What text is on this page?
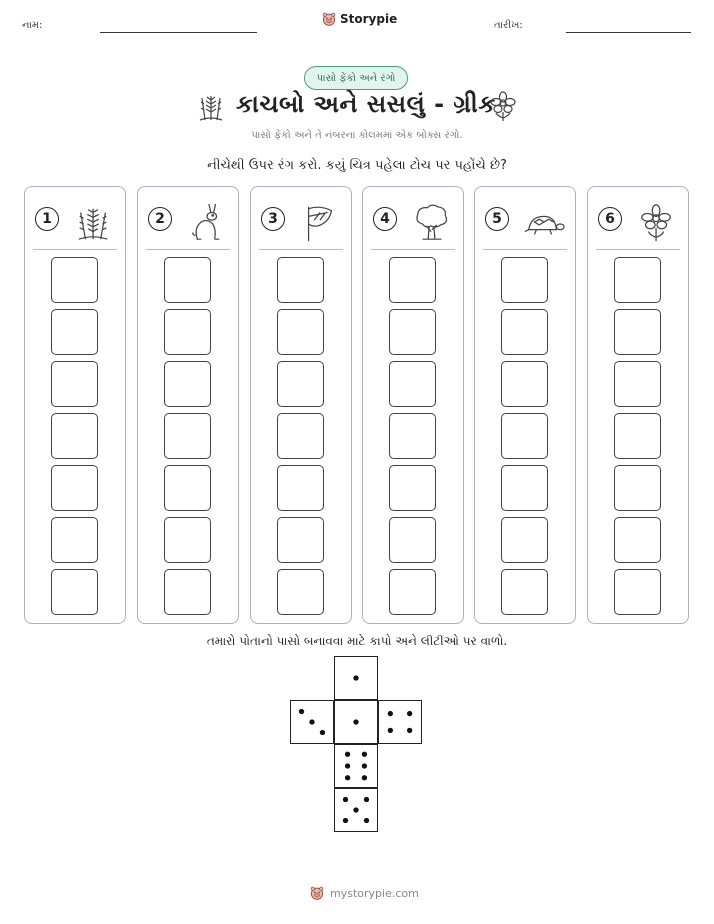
નામ:	Storypie	તારીખ:
પાસો ફેંકો અને રંગો
કાચબો અને સસલું - ગ્રીક
પાસો ફેંકો અને તે નંબરના કોલમમાં એક બોક્સ રંગો.
નીચેથી ઉપર રંગ કરો. કયું ચિત્ર પહેલા ટોચ પર પહોંચે છે?
1	2	3	4	5	6
તમારો પોતાનો પાસો બનાવવા માટે કાપો અને લીટીઓ પર વાળો.
mystorypie.com
